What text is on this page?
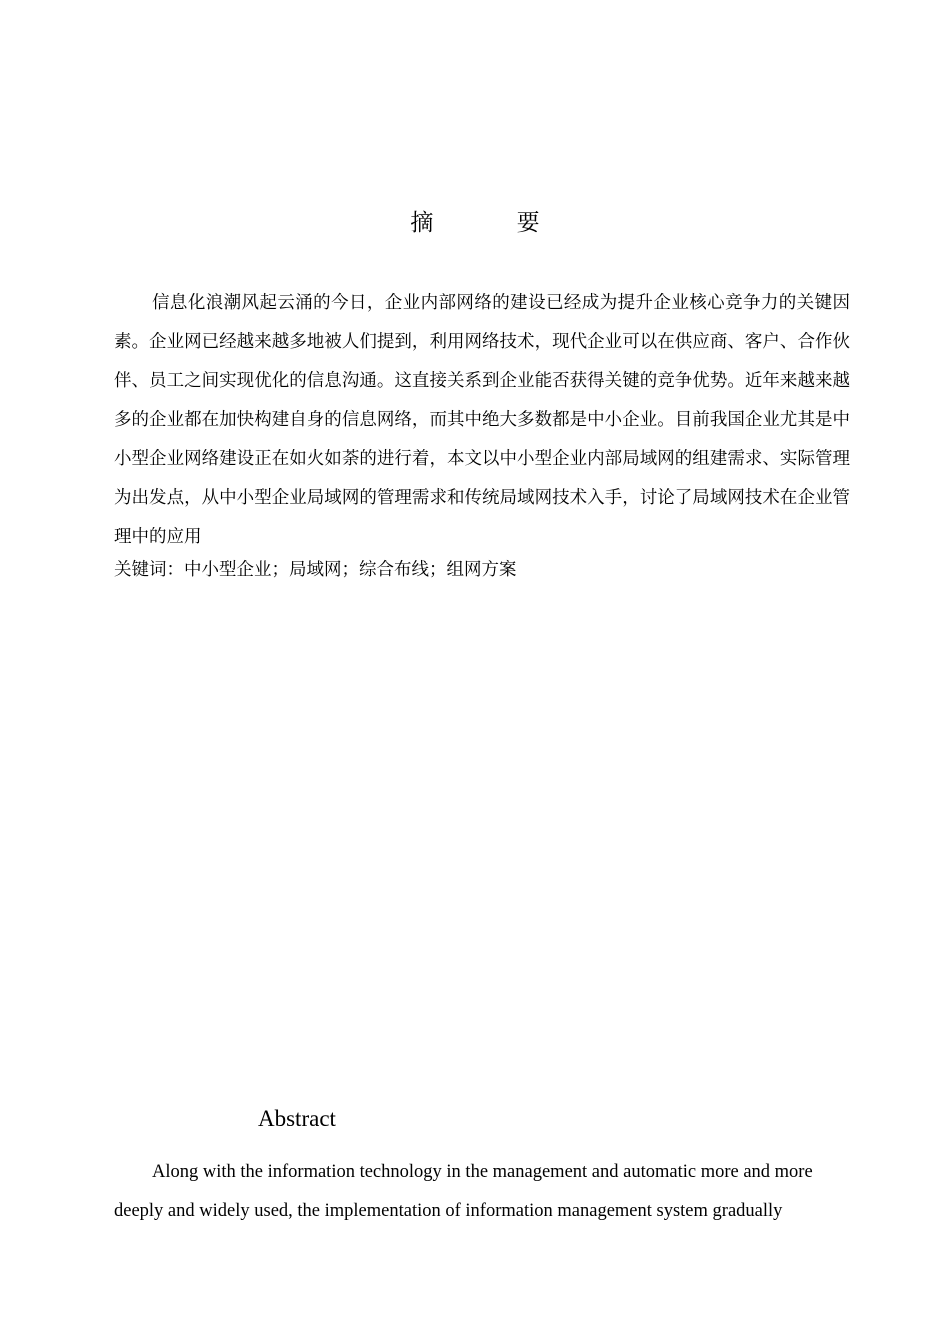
摘 要

信息化浪潮风起云涌的今日，企业内部网络的建设已经成为提升企业核心竞争力的关键因素。企业网已经越来越多地被人们提到，利用网络技术，现代企业可以在供应商、客户、合作伙伴、员工之间实现优化的信息沟通。这直接关系到企业能否获得关键的竞争优势。近年来越来越多的企业都在加快构建自身的信息网络，而其中绝大多数都是中小企业。目前我国企业尤其是中小型企业网络建设正在如火如荼的进行着，本文以中小型企业内部局域网的组建需求、实际管理为出发点，从中小型企业局域网的管理需求和传统局域网技术入手，讨论了局域网技术在企业管理中的应用

关键词：中小型企业；局域网；综合布线；组网方案
Abstract

Along with the information technology in the management and automatic more and more deeply and widely used, the implementation of information management system gradually
